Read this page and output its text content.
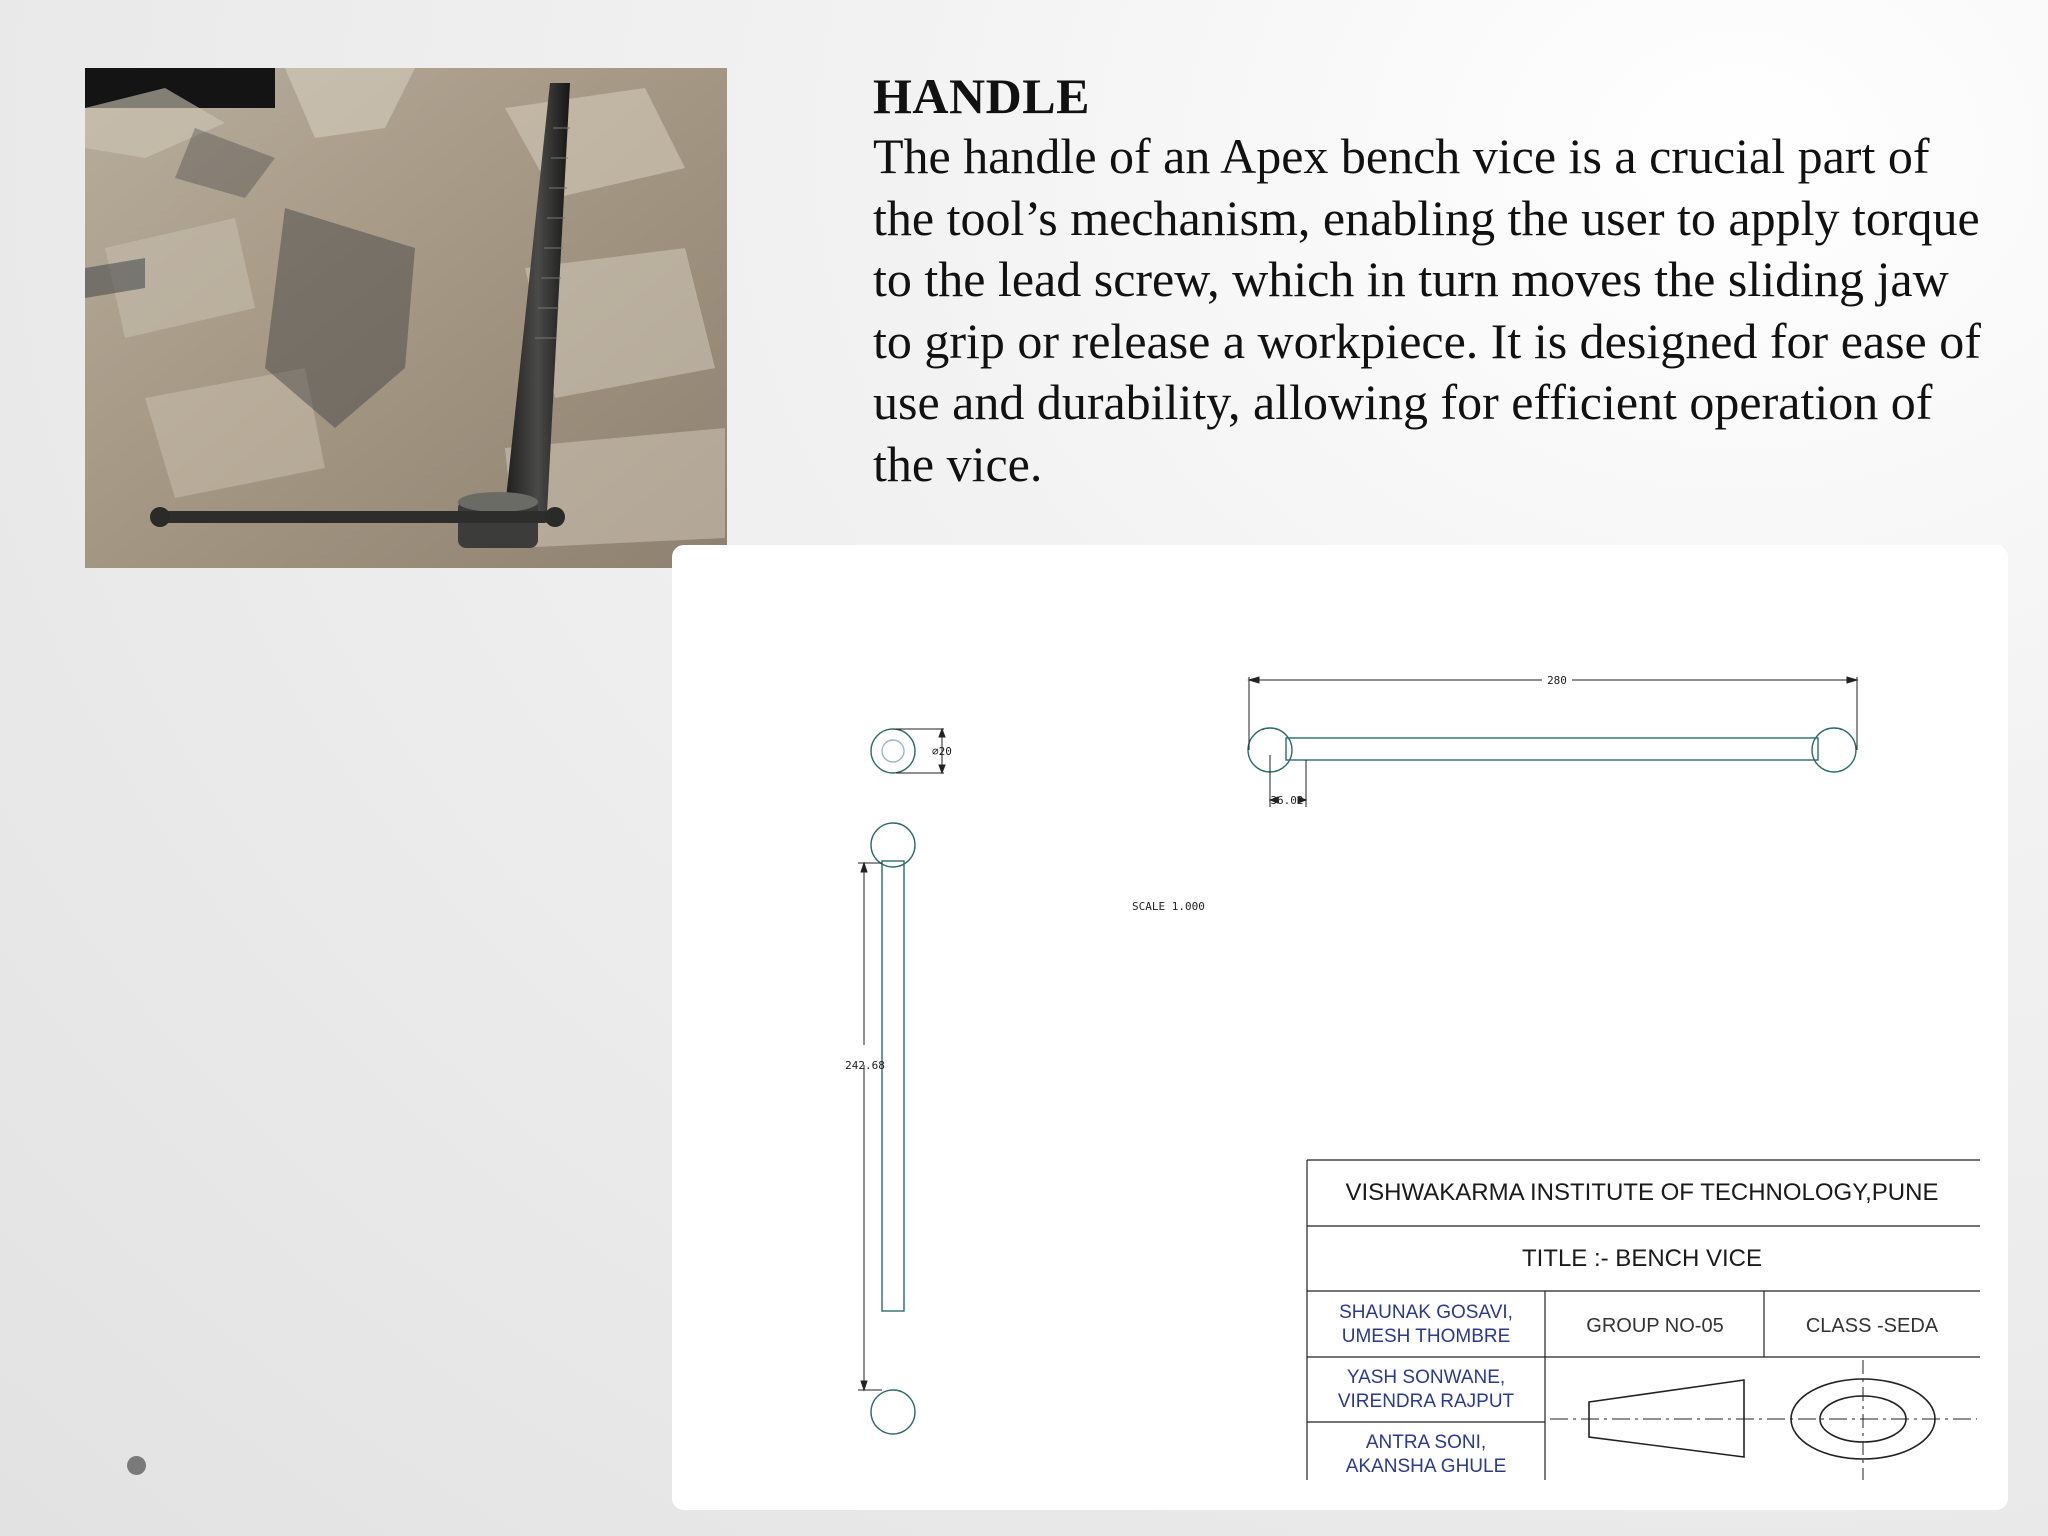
HANDLE
The handle of an Apex bench vice is a crucial part of the tool’s mechanism, enabling the user to apply torque to the lead screw, which in turn moves the sliding jaw to grip or release a workpiece. It is designed for ease of use and durability, allowing for efficient operation of the vice.
280
36.02
⌀20
242.68
SCALE 1.000
VISHWAKARMA INSTITUTE OF TECHNOLOGY,PUNE
TITLE :- BENCH VICE
GROUP NO-05	CLASS -SEDA
SHAUNAK GOSAVI,
UMESH THOMBRE
YASH SONWANE,
VIRENDRA RAJPUT
ANTRA SONI,
AKANSHA GHULE
